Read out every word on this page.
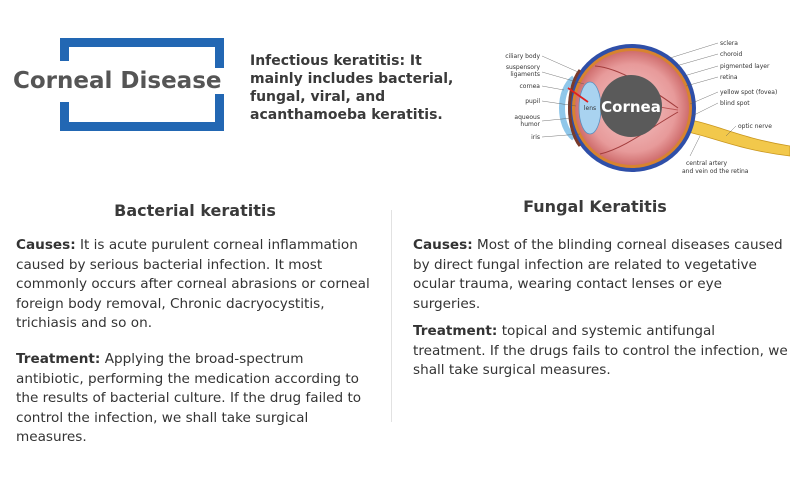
Corneal Disease
Infectious keratitis: It mainly includes bacterial, fungal, viral, and acanthamoeba keratitis.	Cornea
lens
ciliary body
suspensory
ligaments
cornea
pupil
aqueous
humor
iris
sclera
choroid
pigmented layer
retina
yellow spot (fovea)
blind spot
optic nerve
central artery
and vein od the retina
Bacterial keratitis
Causes: It is acute purulent corneal inflammation caused by serious bacterial infection. It most commonly occurs after corneal abrasions or corneal foreign body removal, Chronic dacryocystitis, trichiasis and so on.
Treatment: Applying the broad-spectrum antibiotic, performing the medication according to the results of bacterial culture. If the drug failed to control the infection, we shall take surgical measures.
Fungal Keratitis
Causes: Most of the blinding corneal diseases caused by direct fungal infection are related to vegetative ocular trauma, wearing contact lenses or eye surgeries.
Treatment: topical and systemic antifungal treatment. If the drugs fails to control the infection, we shall take surgical measures.
